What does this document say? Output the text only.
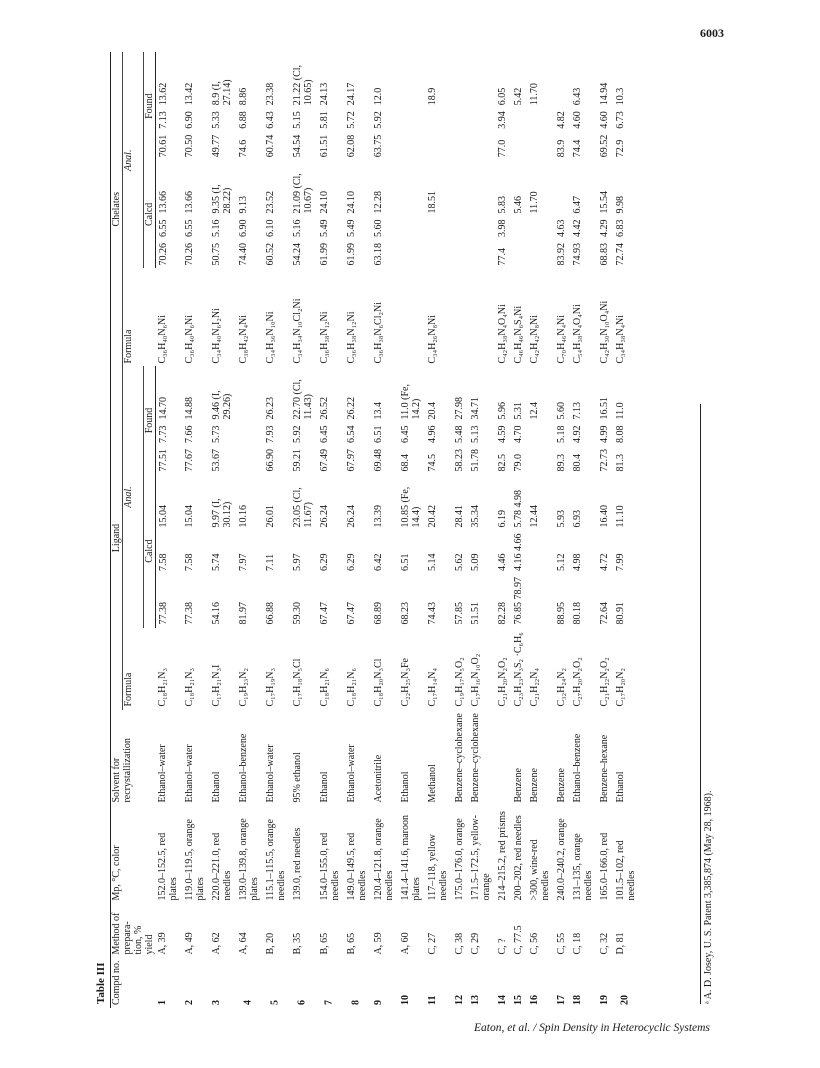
6003
Table III Compd no.	Method of prepara-tion, % yield	Mp, °C, color	Solvent for recrystallization	Ligand							Chelates						
				Formula	Anal.						Formula	Anal.					
					Calcd			Found				Calcd			Found		
1	A, 39	152.0–152.5, red plates	Ethanol–water	C₁₈H₂₁N₃	77.38	7.58	15.04	77.51	7.73	14.70	C₃₆H₄₀N₆Ni	70.26	6.55	13.66	70.61	7.13	13.62
2	A, 49	119.0–119.5, orange plates	Ethanol–water	C₁₈H₂₁N₃	77.38	7.58	15.04	77.67	7.66	14.88	C₃₆H₄₀N₆Ni	70.26	6.55	13.66	70.50	6.90	13.42
3	A, 62	220.0–221.0, red needles	Ethanol	C₁₇H₂₁N₃I	54.16	5.74	9.97 (I, 30.12)	53.67	5.73	9.46 (I, 29.26)	C₃₄H₄₀N₆I₂Ni	50.75	5.16	9.35 (I, 28.22)	49.77	5.33	8.9 (I, 27.14)
4	A, 64	139.0–139.8, orange plates	Ethanol–benzene	C₁₉H₂₃N₂	81.97	7.97	10.16				C₃₈H₄₂N₄Ni	74.40	6.90	9.13	74.6	6.88	8.86
5	B, 20	115.1–115.5, orange needles	Ethanol–water	C₁₇H₁₉N₃	66.88	7.11	26.01	66.90	7.93	26.23	C₃₄H₃₆N₁₀Ni	60.52	6.10	23.52	60.74	6.43	23.38
6	B, 35	139.0, red needles	95% ethanol	C₁₇H₁₈N₅Cl	59.30	5.97	23.05 (Cl, 11.67)	59.21	5.92	22.70 (Cl, 11.43)	C₃₄H₃₄N₁₀Cl₂Ni	54.24	5.16	21.09 (Cl, 10.67)	54.54	5.15	21.22 (Cl, 10.65)
7	B, 65	154.0–155.0, red needles	Ethanol	C₁₈H₂₁N₆	67.47	6.29	26.24	67.49	6.45	26.52	C₃₆H₃₈N₁₂Ni	61.99	5.49	24.10	61.51	5.81	24.13
8	B, 65	149.0–149.5, red needles	Ethanol–water	C₁₈H₂₁N₆	67.47	6.29	26.24	67.97	6.54	26.22	C₃₆H₃₈N₁₂Ni	61.99	5.49	24.10	62.08	5.72	24.17
9	A, 59	120.4–121.8, orange needles	Acetonitrile	C₁₈H₂₀N₃Cl	68.89	6.42	13.39	69.48	6.51	13.4	C₃₆H₃₈N₆Cl₂Ni	63.18	5.60	12.28	63.75	5.92	12.0
10	A, 60	141.4–141.6, maroon plates	Ethanol	C₂₂H₂₅N₃Fe	68.23	6.51	10.85 (Fe, 14.4)	68.4	6.45	11.0 (Fe, 14.2)							
11	C, 27	117–118, yellow needles	Methanol	C₁₇H₁₄N₄	74.43	5.14	20.42	74.5	4.96	20.4	C₃₄H₂₆N₈Ni			18.51			18.9
12	C, 38	175.0–176.0, orange	Benzene–cyclohexane	C₁₉H₁₇N₅O₂	57.85	5.62	28.41	58.23	5.48	27.98							
13	C, 29	171.5–172.5, yellow-orange	Benzene–cyclohexane	C₁₇H₁₆N₁₀O₂	51.51	5.09	35.34	51.78	5.13	34.71							
14	C, ?	214–215.2, red prisms		C₂₁H₂₀N₂O₂	82.28	4.46	6.19	82.5	4.59	5.96	C₄₂H₃₈N₄O₄Ni	77.4	3.98	5.83	77.0	3.94	6.05
15	C, 77.5	200–202, red needles	Benzene	C₂₃H₂₃N₃S₂ ·C₆H₆	76.85 78.97	4.16 4.66	5.78 4.98	79.0	4.70	5.31	C₄₆H₄₆N₆S₄Ni			5.46			5.42
16	C, 56	>300, wine-red needles	Benzene	C₂₁H₂₂N₄			12.44			12.4	C₄₂H₄₂N₈Ni			11.70			11.70
17	C, 55	240.0–240.2, orange	Benzene	C₃₂H₂₄N₂	88.95	5.12	5.93	89.3	5.18	5.60	C₇₀H₄₆N₄Ni	83.92	4.63		83.9	4.82	
18	C, 18	131–135, orange needles	Ethanol–benzene	C₂₇H₂₀N₂O₂	80.18	4.98	6.93	80.4	4.92	7.13	C₅₄H₃₈N₄O₄Ni	74.93	4.42	6.47	74.4	4.60	6.43
19	C, 32	165.0–166.0, red	Benzene–hexane	C₂₁H₂₂N₂O₂	72.64	4.72	16.40	72.73	4.99	16.51	C₄₂H₃₀N₁₀O₄Ni	68.83	4.29	15.54	69.52	4.60	14.94
20	D, 81	101.5–102, red needles	Ethanol	C₁₇H₂₀N₂	80.91	7.99	11.10	81.3	8.08	11.0	C₃₄H₃₈N₄Ni	72.74	6.83	9.98	72.9	6.73	10.3
ᵃ A. D. Josey, U. S. Patent 3,385,874 (May 28, 1968).
Eaton, et al. / Spin Density in Heterocyclic Systems
